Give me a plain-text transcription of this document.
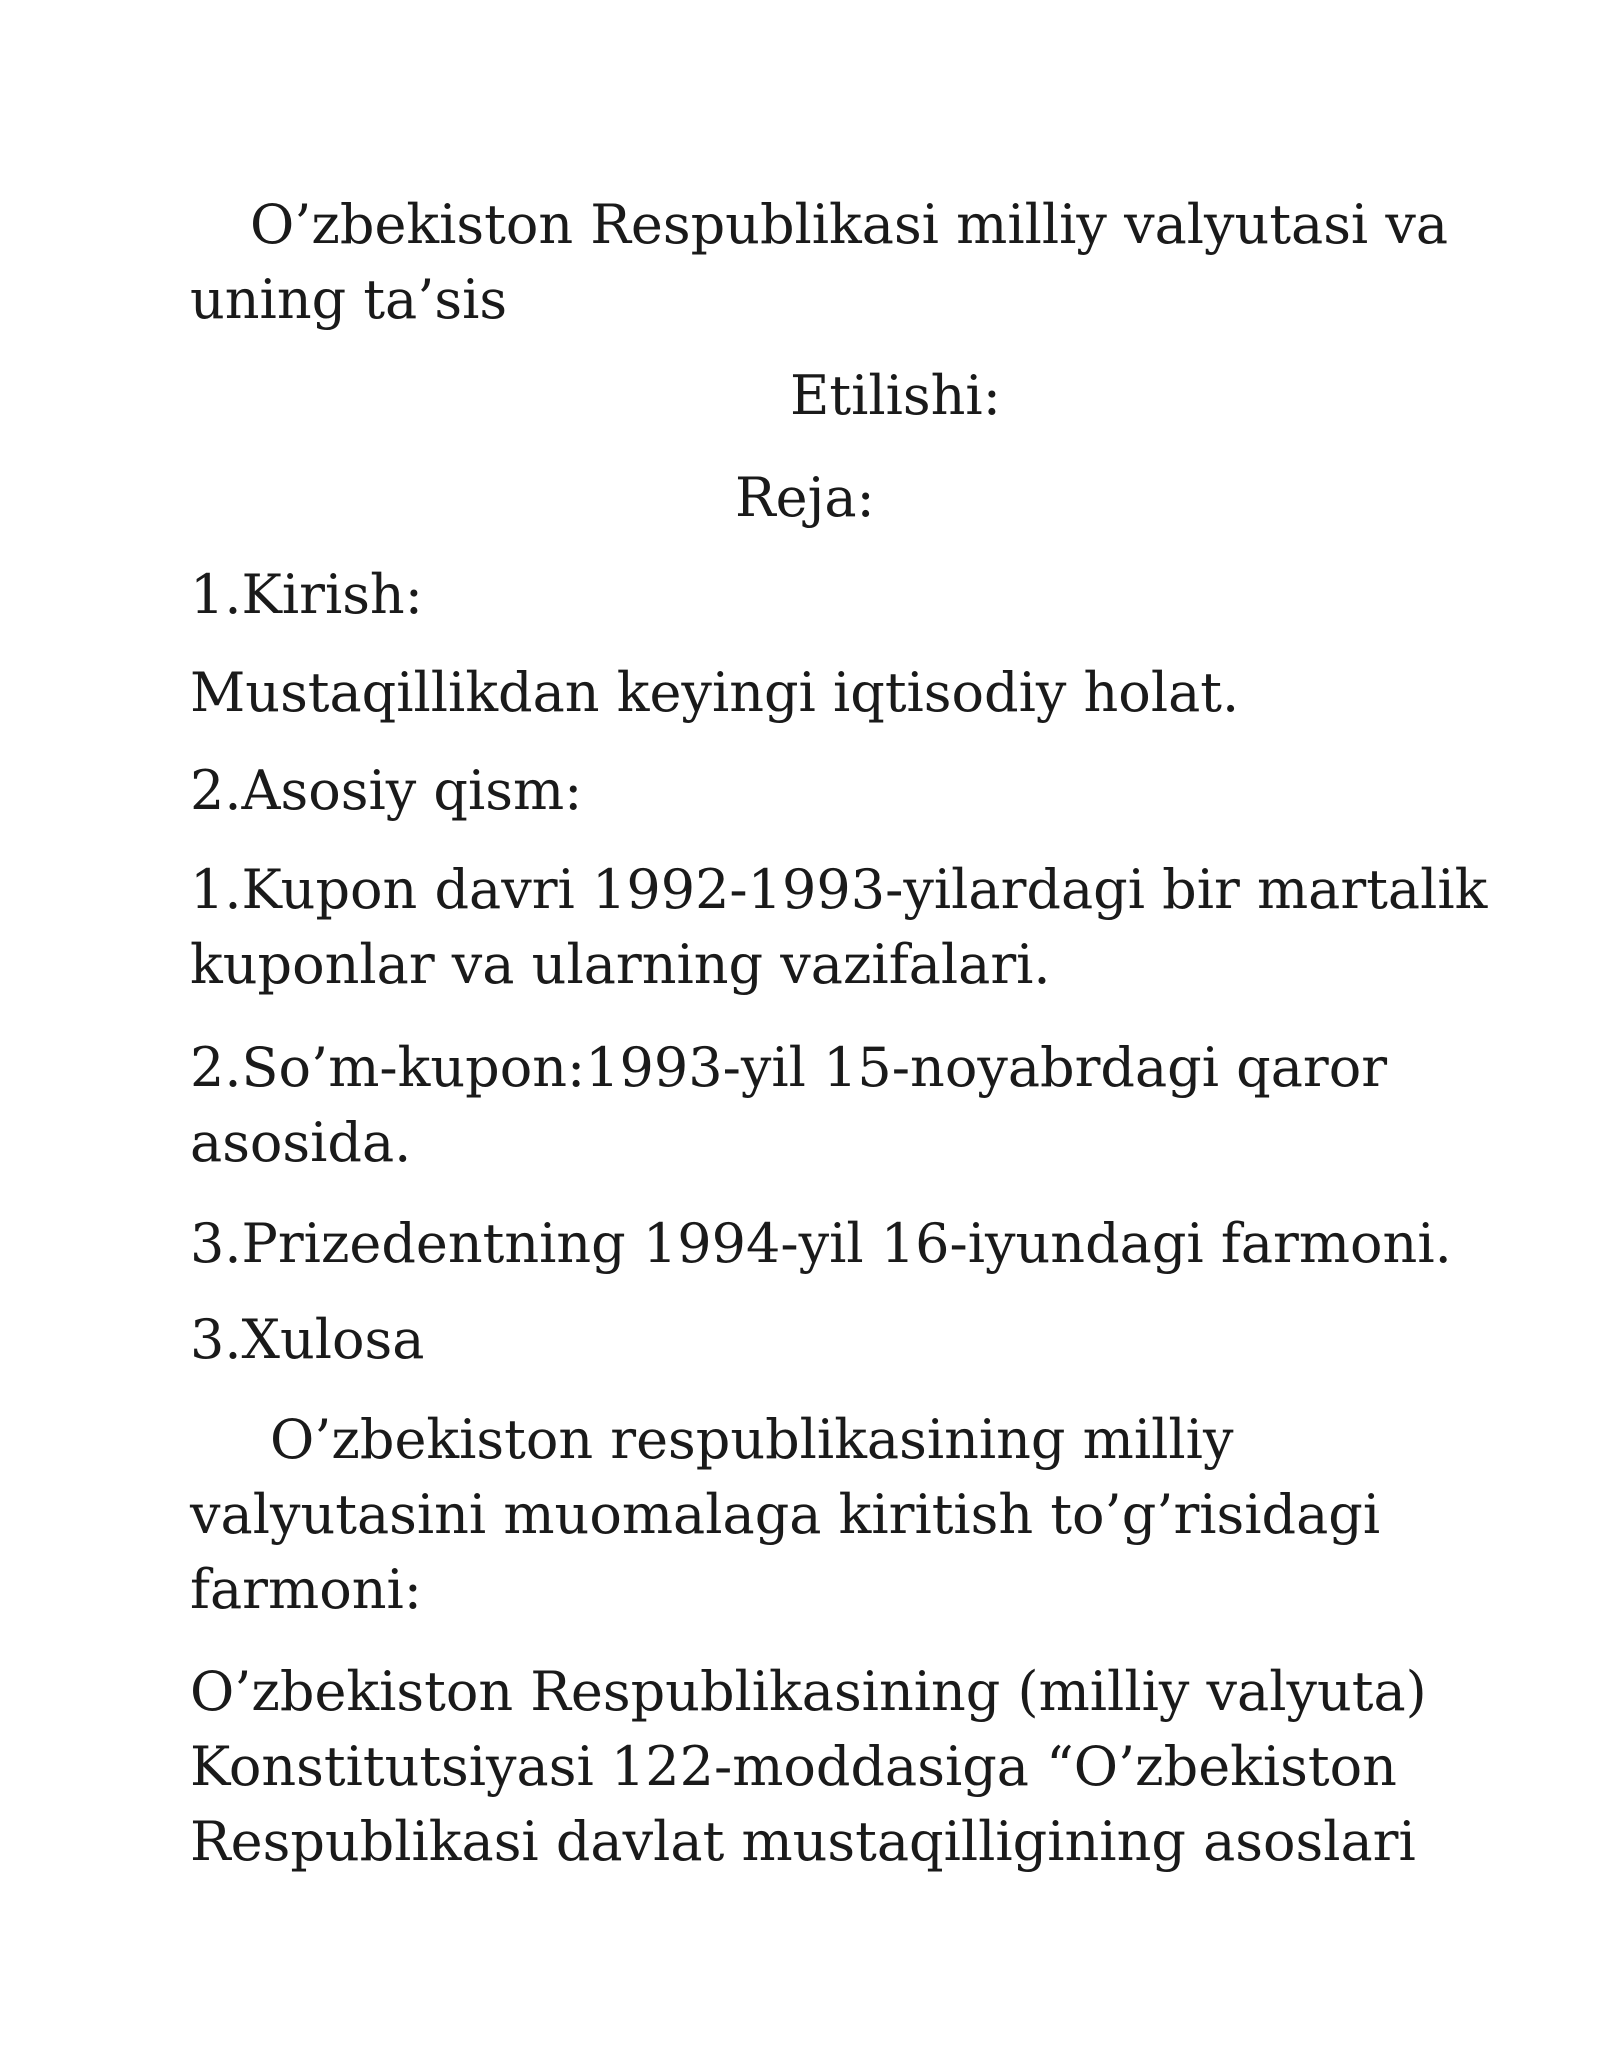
O’zbekiston Respublikasi milliy valyutasi va
uning ta’sis
Etilishi:
Reja:
1.Kirish:
Mustaqillikdan keyingi iqtisodiy holat.
2.Asosiy qism:
1.Kupon davri 1992-1993-yilardagi bir martalik
kuponlar va ularning vazifalari.
2.So’m-kupon:1993-yil 15-noyabrdagi qaror
asosida.
3.Prizedentning 1994-yil 16-iyundagi farmoni.
3.Xulosa
O’zbekiston respublikasining milliy
valyutasini muomalaga kiritish to’g’risidagi
farmoni:
O’zbekiston Respublikasining (milliy valyuta)
Konstitutsiyasi 122-moddasiga “O’zbekiston
Respublikasi davlat mustaqilligining asoslari
